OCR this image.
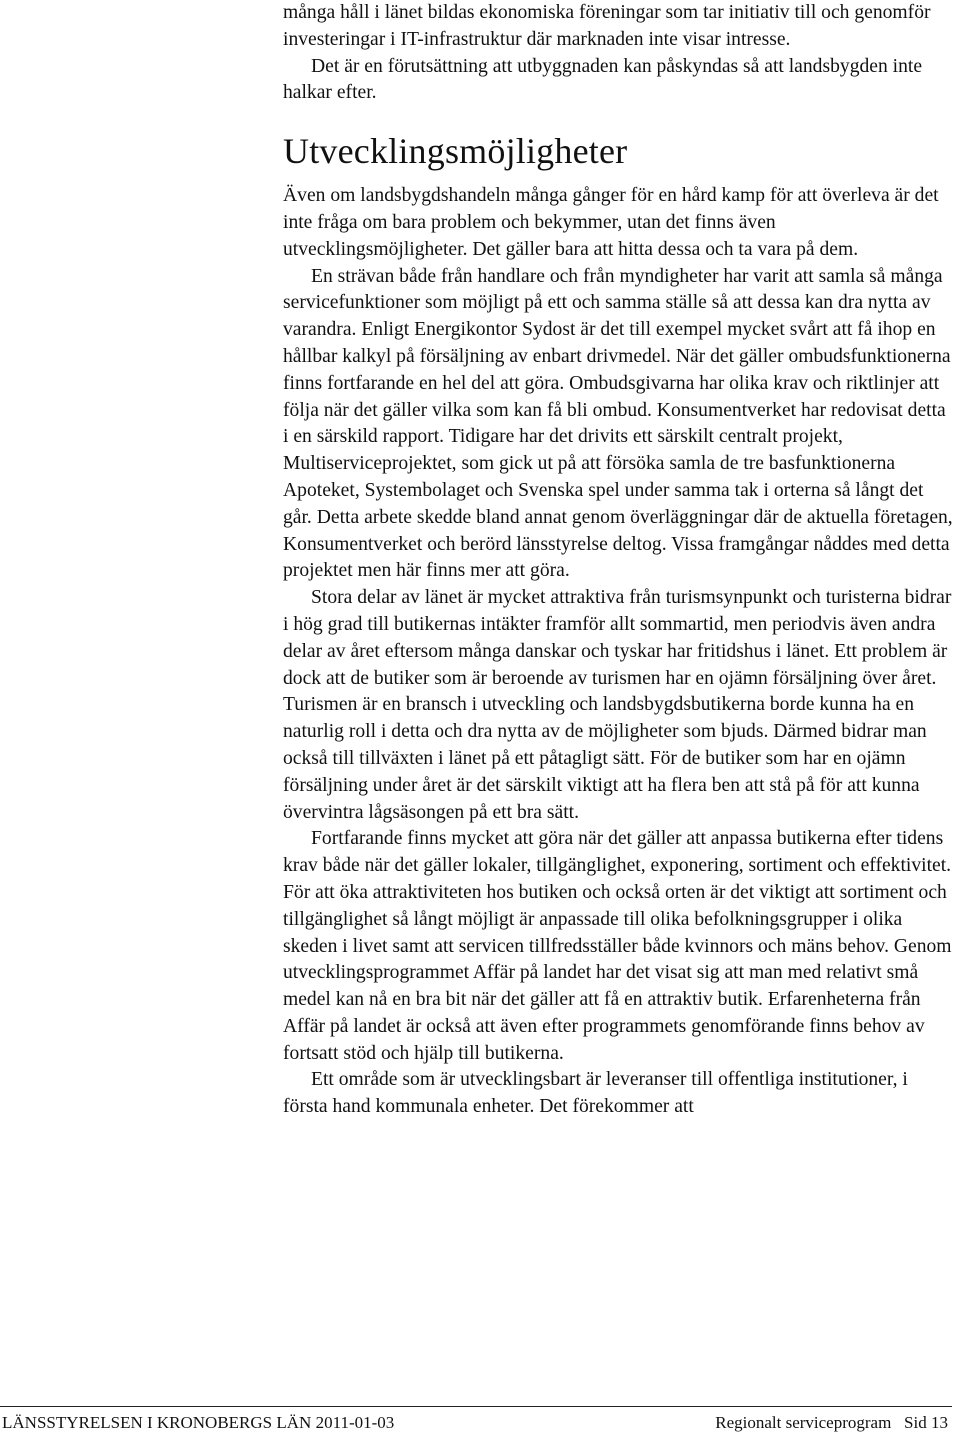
många håll i länet bildas ekonomiska föreningar som tar initiativ till och genomför investeringar i IT-infrastruktur där marknaden inte visar intresse.

Det är en förutsättning att utbyggnaden kan påskyndas så att landsbygden inte halkar efter.

Utvecklingsmöjligheter

Även om landsbygdshandeln många gånger för en hård kamp för att överleva är det inte fråga om bara problem och bekymmer, utan det finns även utvecklingsmöjligheter. Det gäller bara att hitta dessa och ta vara på dem.

En strävan både från handlare och från myndigheter har varit att samla så många servicefunktioner som möjligt på ett och samma ställe så att dessa kan dra nytta av varandra. Enligt Energikontor Sydost är det till exempel mycket svårt att få ihop en hållbar kalkyl på försäljning av enbart drivmedel. När det gäller ombudsfunktionerna finns fortfarande en hel del att göra. Ombudsgivarna har olika krav och riktlinjer att följa när det gäller vilka som kan få bli ombud. Konsumentverket har redovisat detta i en särskild rapport. Tidigare har det drivits ett särskilt centralt projekt, Multiserviceprojektet, som gick ut på att försöka samla de tre basfunktionerna Apoteket, Systembolaget och Svenska spel under samma tak i orterna så långt det går. Detta arbete skedde bland annat genom överläggningar där de aktuella företagen, Konsumentverket och berörd länsstyrelse deltog. Vissa framgångar nåddes med detta projektet men här finns mer att göra.

Stora delar av länet är mycket attraktiva från turismsynpunkt och turisterna bidrar i hög grad till butikernas intäkter framför allt sommartid, men periodvis även andra delar av året eftersom många danskar och tyskar har fritidshus i länet. Ett problem är dock att de butiker som är beroende av turismen har en ojämn försäljning över året. Turismen är en bransch i utveckling och landsbygdsbutikerna borde kunna ha en naturlig roll i detta och dra nytta av de möjligheter som bjuds. Därmed bidrar man också till tillväxten i länet på ett påtagligt sätt. För de butiker som har en ojämn försäljning under året är det särskilt viktigt att ha flera ben att stå på för att kunna övervintra lågsäsongen på ett bra sätt.

Fortfarande finns mycket att göra när det gäller att anpassa butikerna efter tidens krav både när det gäller lokaler, tillgänglighet, exponering, sortiment och effektivitet. För att öka attraktiviteten hos butiken och också orten är det viktigt att sortiment och tillgänglighet så långt möjligt är anpassade till olika befolkningsgrupper i olika skeden i livet samt att servicen tillfredsställer både kvinnors och mäns behov. Genom utvecklingsprogrammet Affär på landet har det visat sig att man med relativt små medel kan nå en bra bit när det gäller att få en attraktiv butik. Erfarenheterna från Affär på landet är också att även efter programmets genomförande finns behov av fortsatt stöd och hjälp till butikerna.

Ett område som är utvecklingsbart är leveranser till offentliga institutioner, i första hand kommunala enheter. Det förekommer att

LÄNSSTYRELSEN I KRONOBERGS LÄN 2011-01-03	Regionalt serviceprogram   Sid 13
